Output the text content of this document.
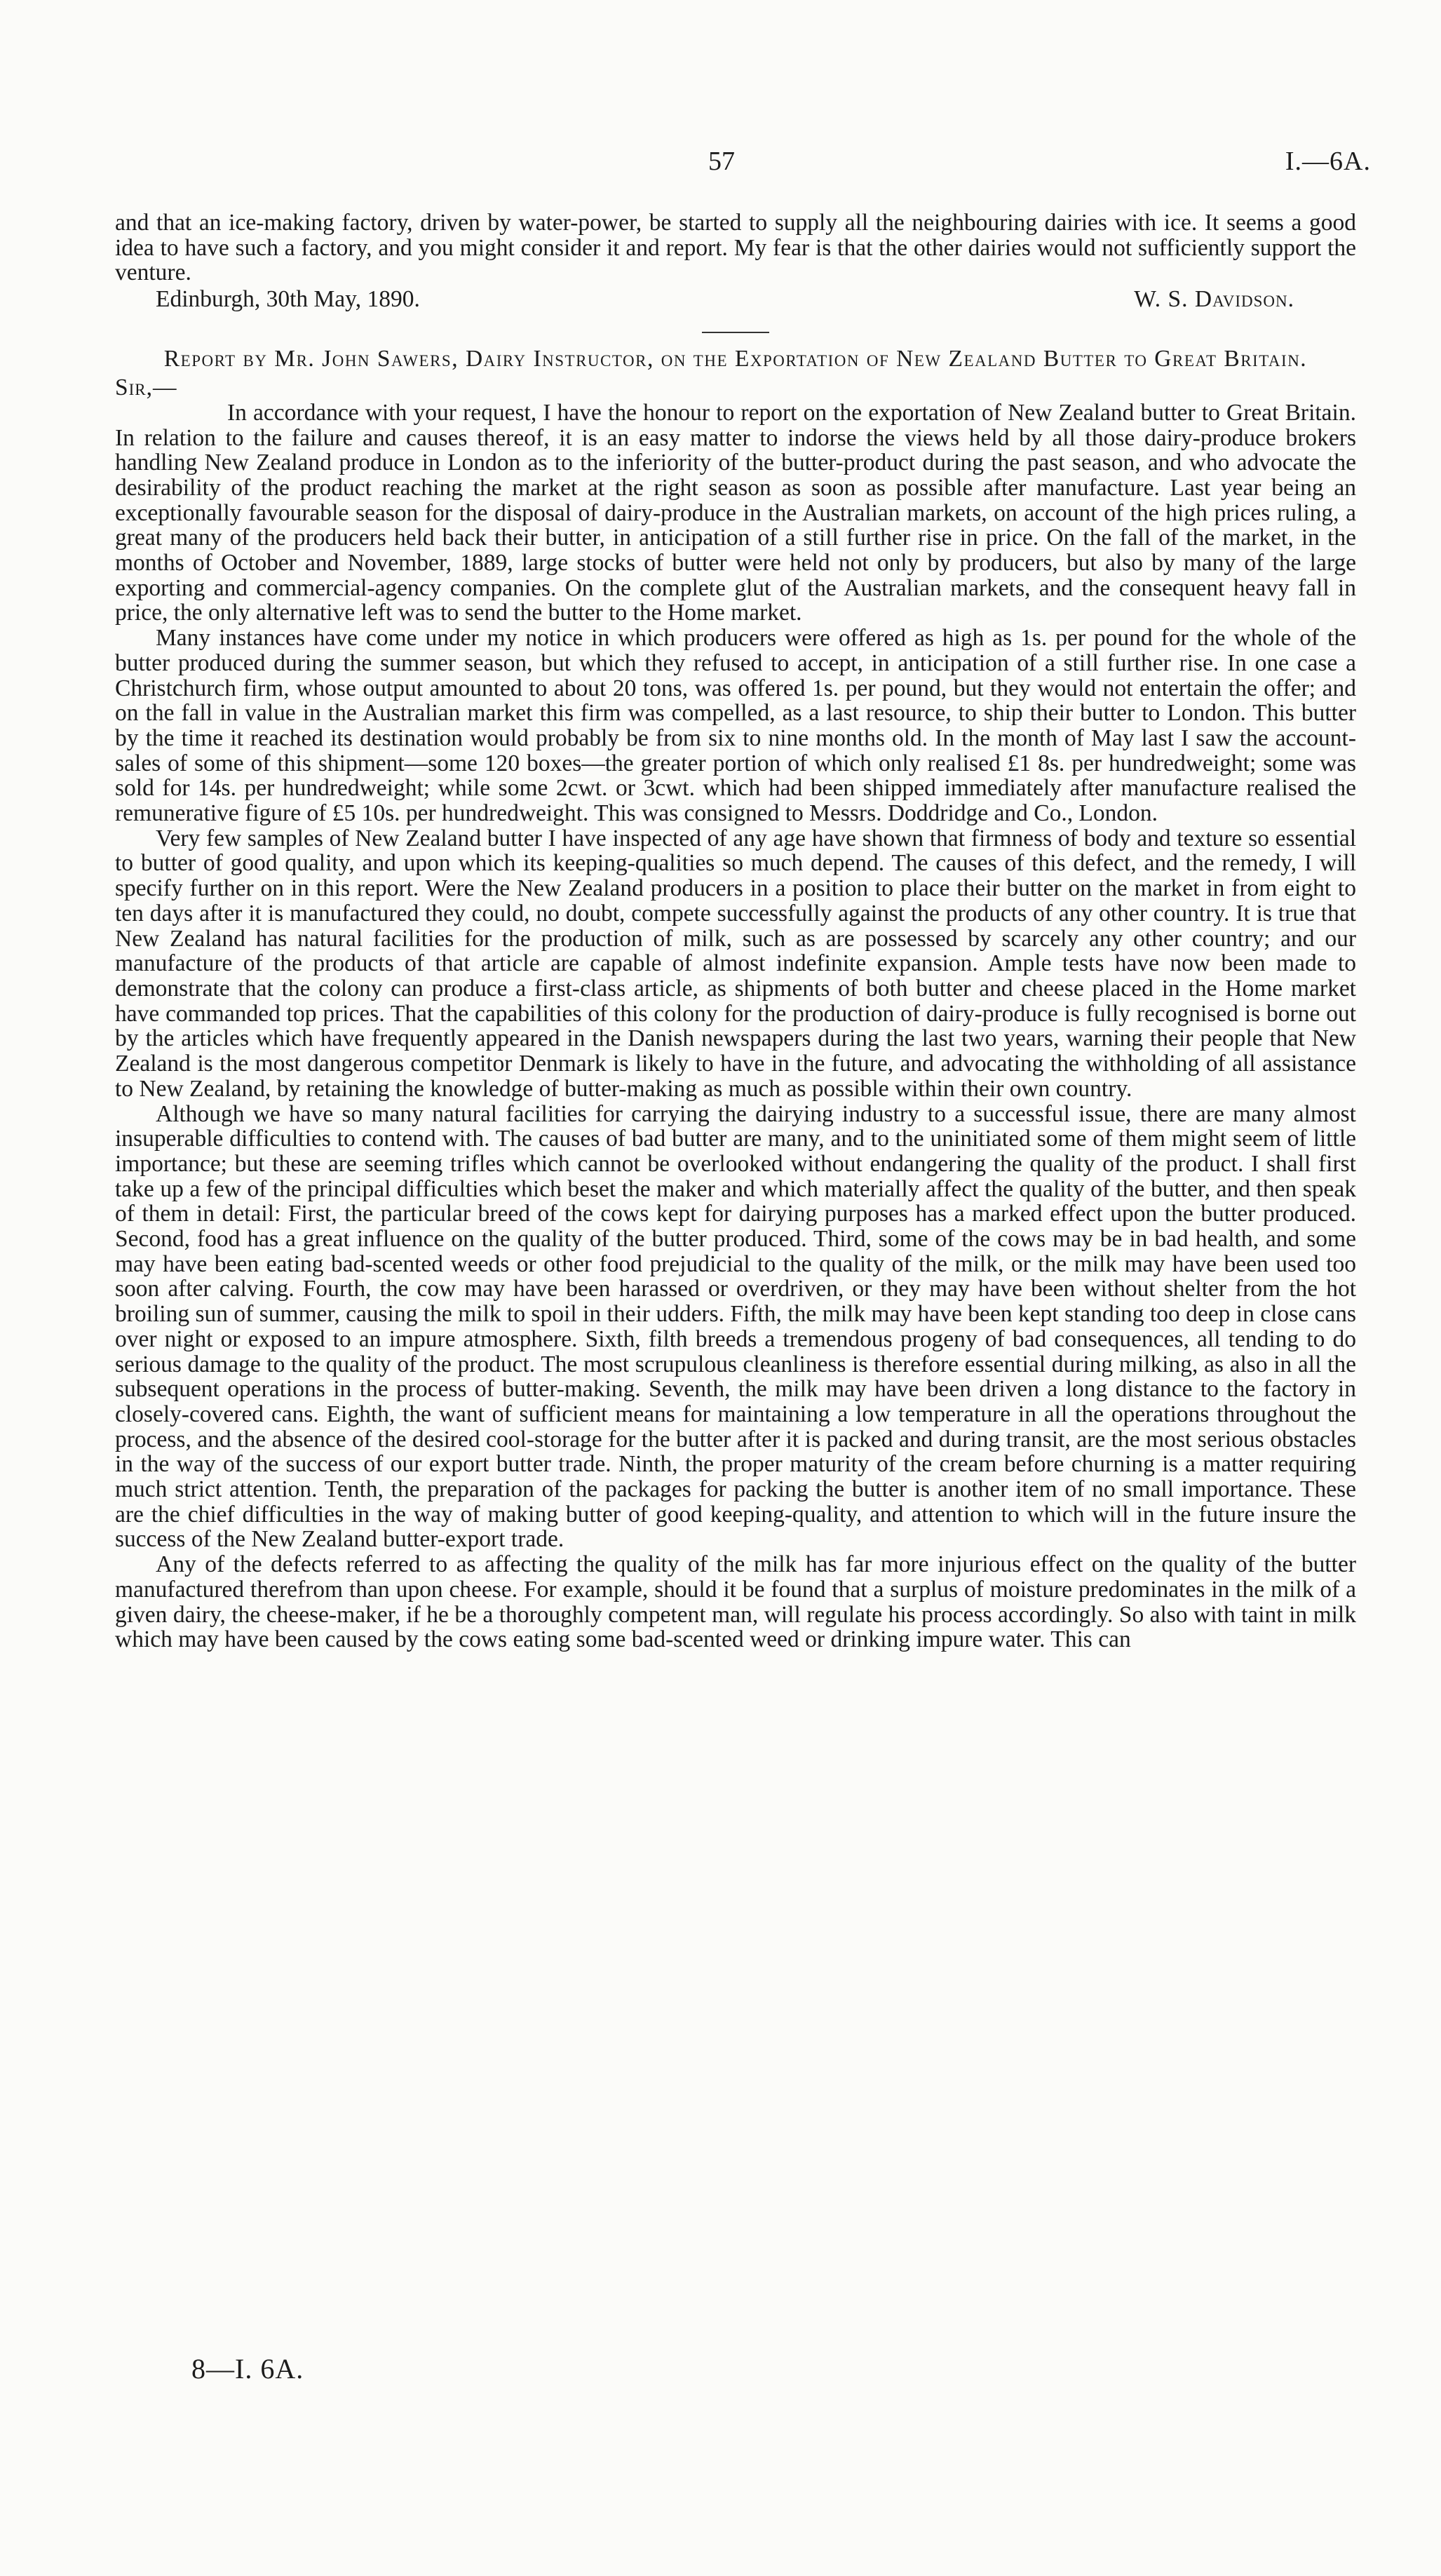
57	I.—6A.

and that an ice-making factory, driven by water-power, be started to supply all the neighbouring dairies with ice. It seems a good idea to have such a factory, and you might consider it and report. My fear is that the other dairies would not sufficiently support the venture.

Edinburgh, 30th May, 1890.	W. S. Davidson.
Report by Mr. John Sawers, Dairy Instructor, on the Exportation of New Zealand Butter to Great Britain.
Sir,—

In accordance with your request, I have the honour to report on the exportation of New Zealand butter to Great Britain. In relation to the failure and causes thereof, it is an easy matter to indorse the views held by all those dairy-produce brokers handling New Zealand produce in London as to the inferiority of the butter-product during the past season, and who advocate the desirability of the product reaching the market at the right season as soon as possible after manufacture. Last year being an exceptionally favourable season for the disposal of dairy-produce in the Australian markets, on account of the high prices ruling, a great many of the producers held back their butter, in anticipation of a still further rise in price. On the fall of the market, in the months of October and November, 1889, large stocks of butter were held not only by producers, but also by many of the large exporting and commercial-agency companies. On the complete glut of the Australian markets, and the consequent heavy fall in price, the only alternative left was to send the butter to the Home market.

Many instances have come under my notice in which producers were offered as high as 1s. per pound for the whole of the butter produced during the summer season, but which they refused to accept, in anticipation of a still further rise. In one case a Christchurch firm, whose output amounted to about 20 tons, was offered 1s. per pound, but they would not entertain the offer; and on the fall in value in the Australian market this firm was compelled, as a last resource, to ship their butter to London. This butter by the time it reached its destination would probably be from six to nine months old. In the month of May last I saw the account-sales of some of this shipment—some 120 boxes—the greater portion of which only realised £1 8s. per hundredweight; some was sold for 14s. per hundredweight; while some 2cwt. or 3cwt. which had been shipped immediately after manufacture realised the remunerative figure of £5 10s. per hundredweight. This was consigned to Messrs. Doddridge and Co., London.

Very few samples of New Zealand butter I have inspected of any age have shown that firmness of body and texture so essential to butter of good quality, and upon which its keeping-qualities so much depend. The causes of this defect, and the remedy, I will specify further on in this report. Were the New Zealand producers in a position to place their butter on the market in from eight to ten days after it is manufactured they could, no doubt, compete successfully against the products of any other country. It is true that New Zealand has natural facilities for the production of milk, such as are possessed by scarcely any other country; and our manufacture of the products of that article are capable of almost indefinite expansion. Ample tests have now been made to demonstrate that the colony can produce a first-class article, as shipments of both butter and cheese placed in the Home market have commanded top prices. That the capabilities of this colony for the production of dairy-produce is fully recognised is borne out by the articles which have frequently appeared in the Danish newspapers during the last two years, warning their people that New Zealand is the most dangerous competitor Denmark is likely to have in the future, and advocating the withholding of all assistance to New Zealand, by retaining the knowledge of butter-making as much as possible within their own country.

Although we have so many natural facilities for carrying the dairying industry to a successful issue, there are many almost insuperable difficulties to contend with. The causes of bad butter are many, and to the uninitiated some of them might seem of little importance; but these are seeming trifles which cannot be overlooked without endangering the quality of the product. I shall first take up a few of the principal difficulties which beset the maker and which materially affect the quality of the butter, and then speak of them in detail: First, the particular breed of the cows kept for dairying purposes has a marked effect upon the butter produced. Second, food has a great influence on the quality of the butter produced. Third, some of the cows may be in bad health, and some may have been eating bad-scented weeds or other food prejudicial to the quality of the milk, or the milk may have been used too soon after calving. Fourth, the cow may have been harassed or overdriven, or they may have been without shelter from the hot broiling sun of summer, causing the milk to spoil in their udders. Fifth, the milk may have been kept standing too deep in close cans over night or exposed to an impure atmosphere. Sixth, filth breeds a tremendous progeny of bad consequences, all tending to do serious damage to the quality of the product. The most scrupulous cleanliness is therefore essential during milking, as also in all the subsequent operations in the process of butter-making. Seventh, the milk may have been driven a long distance to the factory in closely-covered cans. Eighth, the want of sufficient means for maintaining a low temperature in all the operations throughout the process, and the absence of the desired cool-storage for the butter after it is packed and during transit, are the most serious obstacles in the way of the success of our export butter trade. Ninth, the proper maturity of the cream before churning is a matter requiring much strict attention. Tenth, the preparation of the packages for packing the butter is another item of no small importance. These are the chief difficulties in the way of making butter of good keeping-quality, and attention to which will in the future insure the success of the New Zealand butter-export trade.

Any of the defects referred to as affecting the quality of the milk has far more injurious effect on the quality of the butter manufactured therefrom than upon cheese. For example, should it be found that a surplus of moisture predominates in the milk of a given dairy, the cheese-maker, if he be a thoroughly competent man, will regulate his process accordingly. So also with taint in milk which may have been caused by the cows eating some bad-scented weed or drinking impure water. This can

8—I. 6A.
